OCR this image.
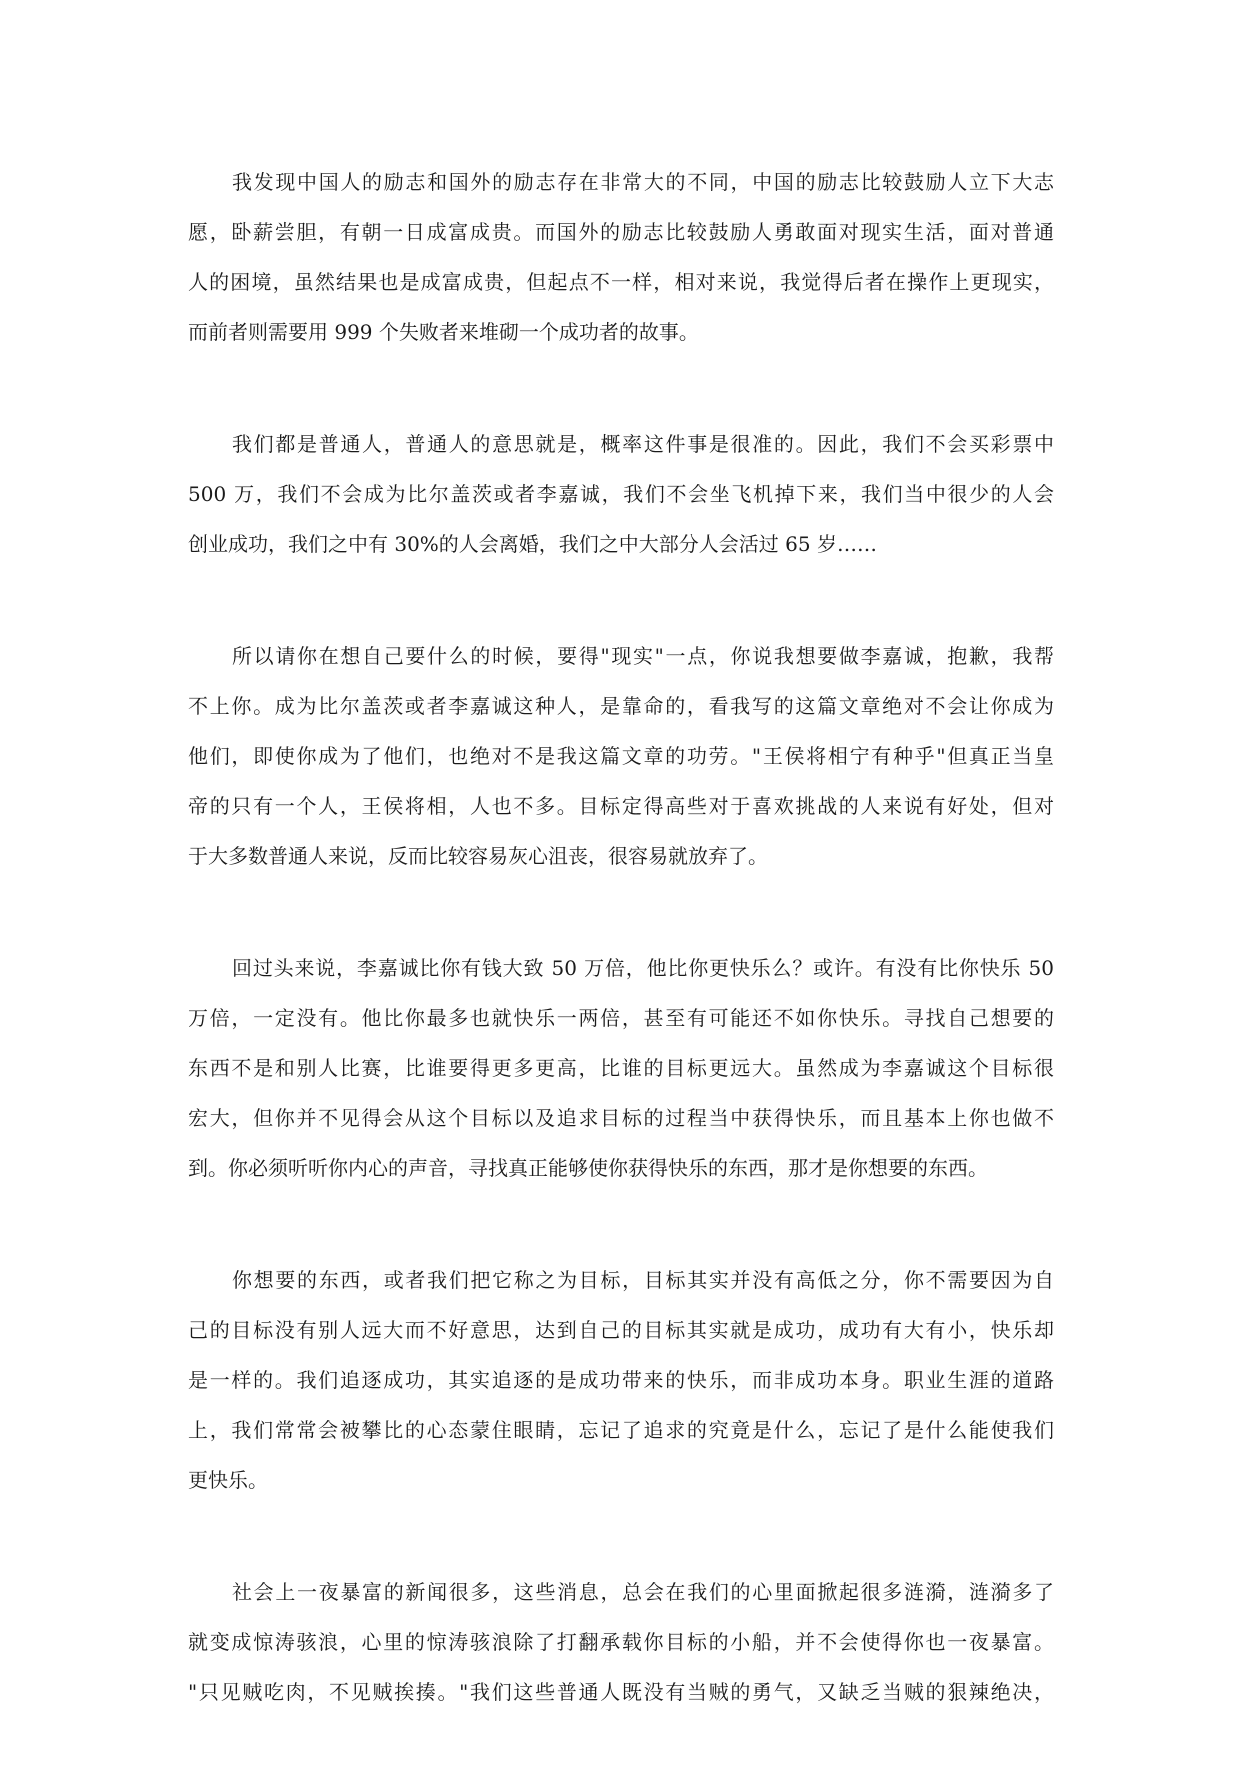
我发现中国人的励志和国外的励志存在非常大的不同，中国的励志比较鼓励人立下大志
愿，卧薪尝胆，有朝一日成富成贵。而国外的励志比较鼓励人勇敢面对现实生活，面对普通
人的困境，虽然结果也是成富成贵，但起点不一样，相对来说，我觉得后者在操作上更现实，
而前者则需要用 999 个失败者来堆砌一个成功者的故事。
我们都是普通人，普通人的意思就是，概率这件事是很准的。因此，我们不会买彩票中
500 万，我们不会成为比尔盖茨或者李嘉诚，我们不会坐飞机掉下来，我们当中很少的人会
创业成功，我们之中有 30%的人会离婚，我们之中大部分人会活过 65 岁……
所以请你在想自己要什么的时候，要得"现实"一点，你说我想要做李嘉诚，抱歉，我帮
不上你。成为比尔盖茨或者李嘉诚这种人，是靠命的，看我写的这篇文章绝对不会让你成为
他们，即使你成为了他们，也绝对不是我这篇文章的功劳。"王侯将相宁有种乎"但真正当皇
帝的只有一个人，王侯将相，人也不多。目标定得高些对于喜欢挑战的人来说有好处，但对
于大多数普通人来说，反而比较容易灰心沮丧，很容易就放弃了。
回过头来说，李嘉诚比你有钱大致 50 万倍，他比你更快乐么？或许。有没有比你快乐 50
万倍，一定没有。他比你最多也就快乐一两倍，甚至有可能还不如你快乐。寻找自己想要的
东西不是和别人比赛，比谁要得更多更高，比谁的目标更远大。虽然成为李嘉诚这个目标很
宏大，但你并不见得会从这个目标以及追求目标的过程当中获得快乐，而且基本上你也做不
到。你必须听听你内心的声音，寻找真正能够使你获得快乐的东西，那才是你想要的东西。
你想要的东西，或者我们把它称之为目标，目标其实并没有高低之分，你不需要因为自
己的目标没有别人远大而不好意思，达到自己的目标其实就是成功，成功有大有小，快乐却
是一样的。我们追逐成功，其实追逐的是成功带来的快乐，而非成功本身。职业生涯的道路
上，我们常常会被攀比的心态蒙住眼睛，忘记了追求的究竟是什么，忘记了是什么能使我们
更快乐。
社会上一夜暴富的新闻很多，这些消息，总会在我们的心里面掀起很多涟漪，涟漪多了
就变成惊涛骇浪，心里的惊涛骇浪除了打翻承载你目标的小船，并不会使得你也一夜暴富。
"只见贼吃肉，不见贼挨揍。"我们这些普通人既没有当贼的勇气，又缺乏当贼的狠辣绝决，
